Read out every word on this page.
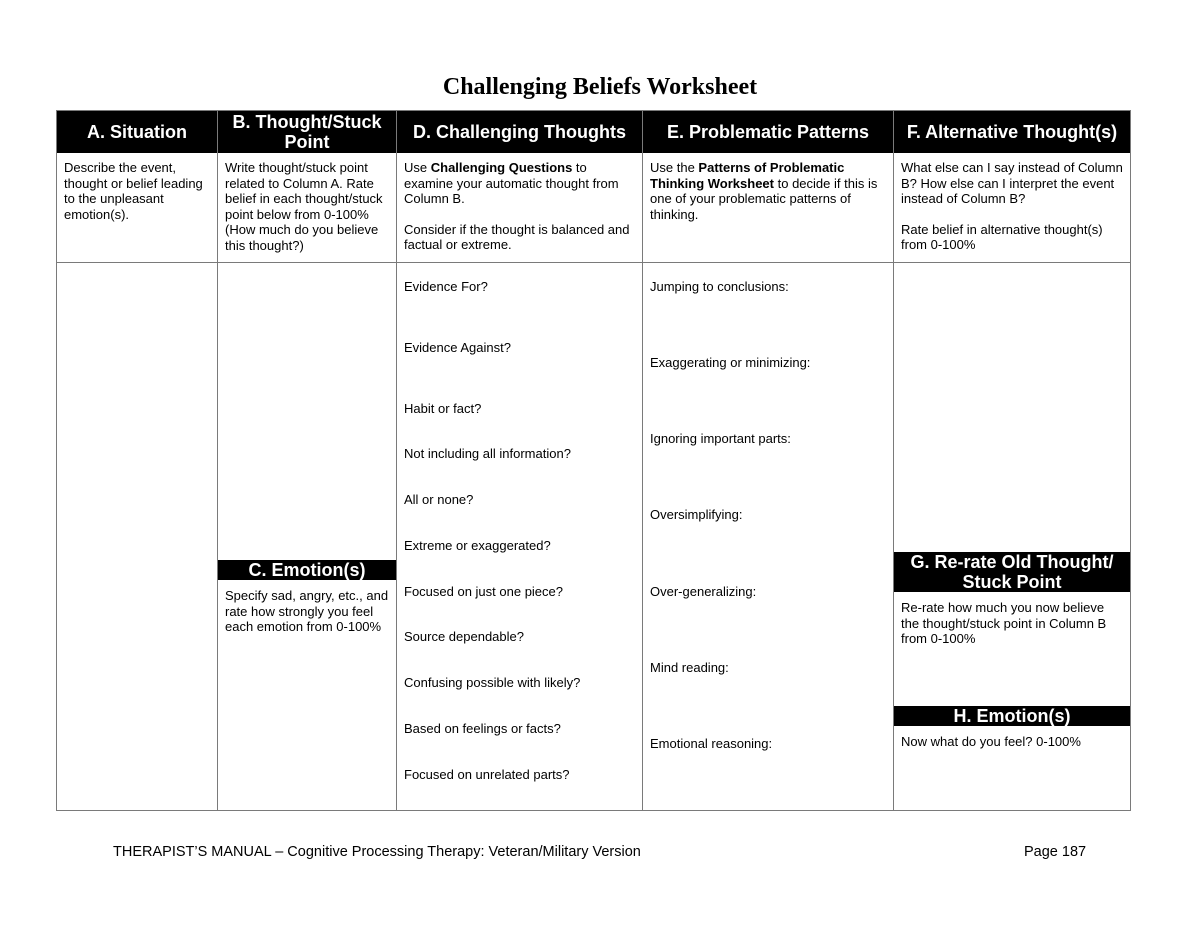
Challenging Beliefs Worksheet
A. Situation

Describe the event, thought or belief leading to the unpleasant emotion(s).

B. Thought/Stuck
Point

Write thought/stuck point related to Column A. Rate belief in each thought/stuck point below from 0-100% (How much do you believe this thought?)

C. Emotion(s)
Specify sad, angry, etc., and rate how strongly you feel each emotion from 0-100%
D. Challenging Thoughts

Use Challenging Questions to examine your automatic thought from Column B.

Consider if the thought is balanced and factual or extreme.

Evidence For?
Evidence Against?
Habit or fact?
Not including all information?
All or none?
Extreme or exaggerated?
Focused on just one piece?
Source dependable?
Confusing possible with likely?
Based on feelings or facts?
Focused on unrelated parts?
E. Problematic Patterns

Use the Patterns of Problematic Thinking Worksheet to decide if this is one of your problematic patterns of thinking.

Jumping to conclusions:
Exaggerating or minimizing:
Ignoring important parts:
Oversimplifying:
Over-generalizing:
Mind reading:
Emotional reasoning:
F. Alternative Thought(s)

What else can I say instead of Column B? How else can I interpret the event instead of Column B?

Rate belief in alternative thought(s) from 0-100%

G. Re-rate Old Thought/
Stuck Point
Re-rate how much you now believe the thought/stuck point in Column B from 0-100%
H. Emotion(s)
Now what do you feel? 0-100%
THERAPIST’S MANUAL – Cognitive Processing Therapy: Veteran/Military Version	Page 187
